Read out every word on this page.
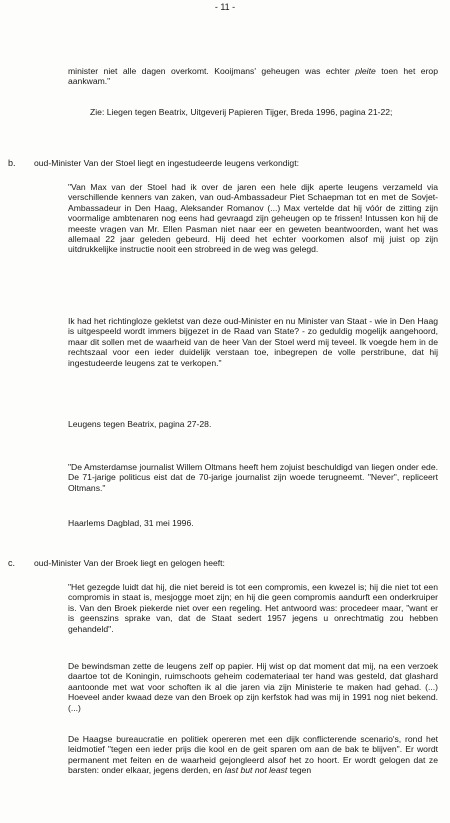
- 11 -

minister niet alle dagen overkomt. Kooijmans' geheugen was echter pleite toen het erop aankwam."

Zie: Liegen tegen Beatrix, Uitgeverij Papieren Tijger, Breda 1996, pagina 21-22;

b. oud-Minister Van der Stoel liegt en ingestudeerde leugens verkondigt:

"Van Max van der Stoel had ik over de jaren een hele dijk aperte leugens verzameld via verschillende kenners van zaken, van oud-Ambassadeur Piet Schaepman tot en met de Sovjet-Ambassadeur in Den Haag, Aleksander Romanov (...) Max vertelde dat hij vóór de zitting zijn voormalige ambtenaren nog eens had gevraagd zijn geheugen op te frissen! Intussen kon hij de meeste vragen van Mr. Ellen Pasman niet naar eer en geweten beantwoorden, want het was allemaal 22 jaar geleden gebeurd. Hij deed het echter voorkomen alsof mij juist op zijn uitdrukkelijke instructie nooit een strobreed in de weg was gelegd.

Ik had het richtingloze gekletst van deze oud-Minister en nu Minister van Staat - wie in Den Haag is uitgespeeld wordt immers bijgezet in de Raad van State? - zo geduldig mogelijk aangehoord, maar dit sollen met de waarheid van de heer Van der Stoel werd mij teveel. Ik voegde hem in de rechtszaal voor een ieder duidelijk verstaan toe, inbegrepen de volle perstribune, dat hij ingestudeerde leugens zat te verkopen."

Leugens tegen Beatrix, pagina 27-28.

"De Amsterdamse journalist Willem Oltmans heeft hem zojuist beschuldigd van liegen onder ede. De 71-jarige politicus eist dat de 70-jarige journalist zijn woede terugneemt. "Never", repliceert Oltmans."

Haarlems Dagblad, 31 mei 1996.

c. oud-Minister Van der Broek liegt en gelogen heeft:

"Het gezegde luidt dat hij, die niet bereid is tot een compromis, een kwezel is; hij die niet tot een compromis in staat is, mesjogge moet zijn; en hij die geen compromis aandurft een onderkruiper is. Van den Broek piekerde niet over een regeling. Het antwoord was: procedeer maar, "want er is geenszins sprake van, dat de Staat sedert 1957 jegens u onrechtmatig zou hebben gehandeld".

De bewindsman zette de leugens zelf op papier. Hij wist op dat moment dat mij, na een verzoek daartoe tot de Koningin, ruimschoots geheim codemateriaal ter hand was gesteld, dat glashard aantoonde met wat voor schoften ik al die jaren via zijn Ministerie te maken had gehad. (...) Hoeveel ander kwaad deze van den Broek op zijn kerfstok had was mij in 1991 nog niet bekend. (...)

De Haagse bureaucratie en politiek opereren met een dijk conflicterende scenario's, rond het leidmotief "tegen een ieder prijs die kool en de geit sparen om aan de bak te blijven". Er wordt permanent met feiten en de waarheid gejongleerd alsof het zo hoort. Er wordt gelogen dat ze barsten: onder elkaar, jegens derden, en last but not least tegen
